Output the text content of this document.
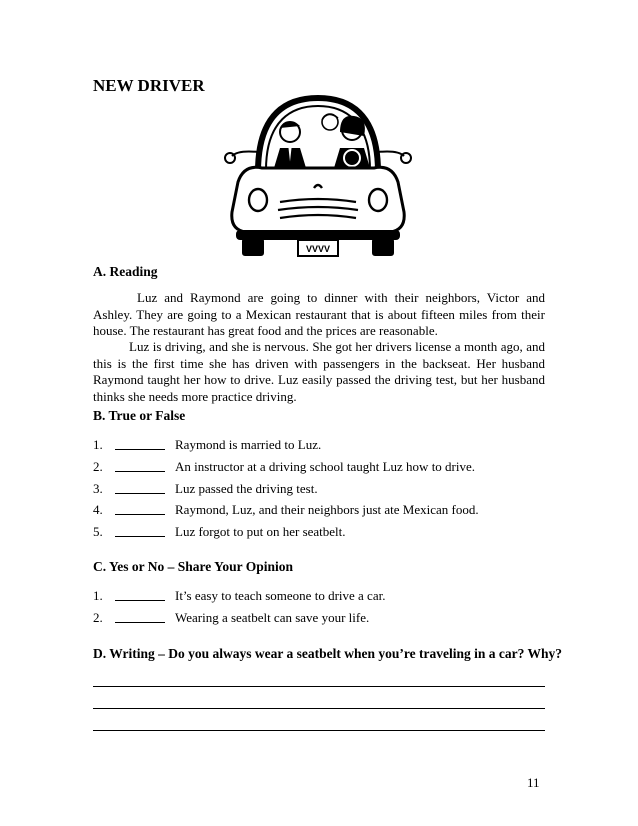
NEW DRIVER
VVVV
A. Reading

Luz and Raymond are going to dinner with their neighbors, Victor and Ashley. They are going to a Mexican restaurant that is about fifteen miles from their house. The restaurant has great food and the prices are reasonable.

Luz is driving, and she is nervous. She got her drivers license a month ago, and this is the first time she has driven with passengers in the backseat. Her husband Raymond taught her how to drive. Luz easily passed the driving test, but her husband thinks she needs more practice driving.

B. True or False
1.	Raymond is married to Luz.
2.	An instructor at a driving school taught Luz how to drive.
3.	Luz passed the driving test.
4.	Raymond, Luz, and their neighbors just ate Mexican food.
5.	Luz forgot to put on her seatbelt.
C. Yes or No – Share Your Opinion
1.	It’s easy to teach someone to drive a car.
2.	Wearing a seatbelt can save your life.
D. Writing – Do you always wear a seatbelt when you’re traveling in a car? Why?
11
